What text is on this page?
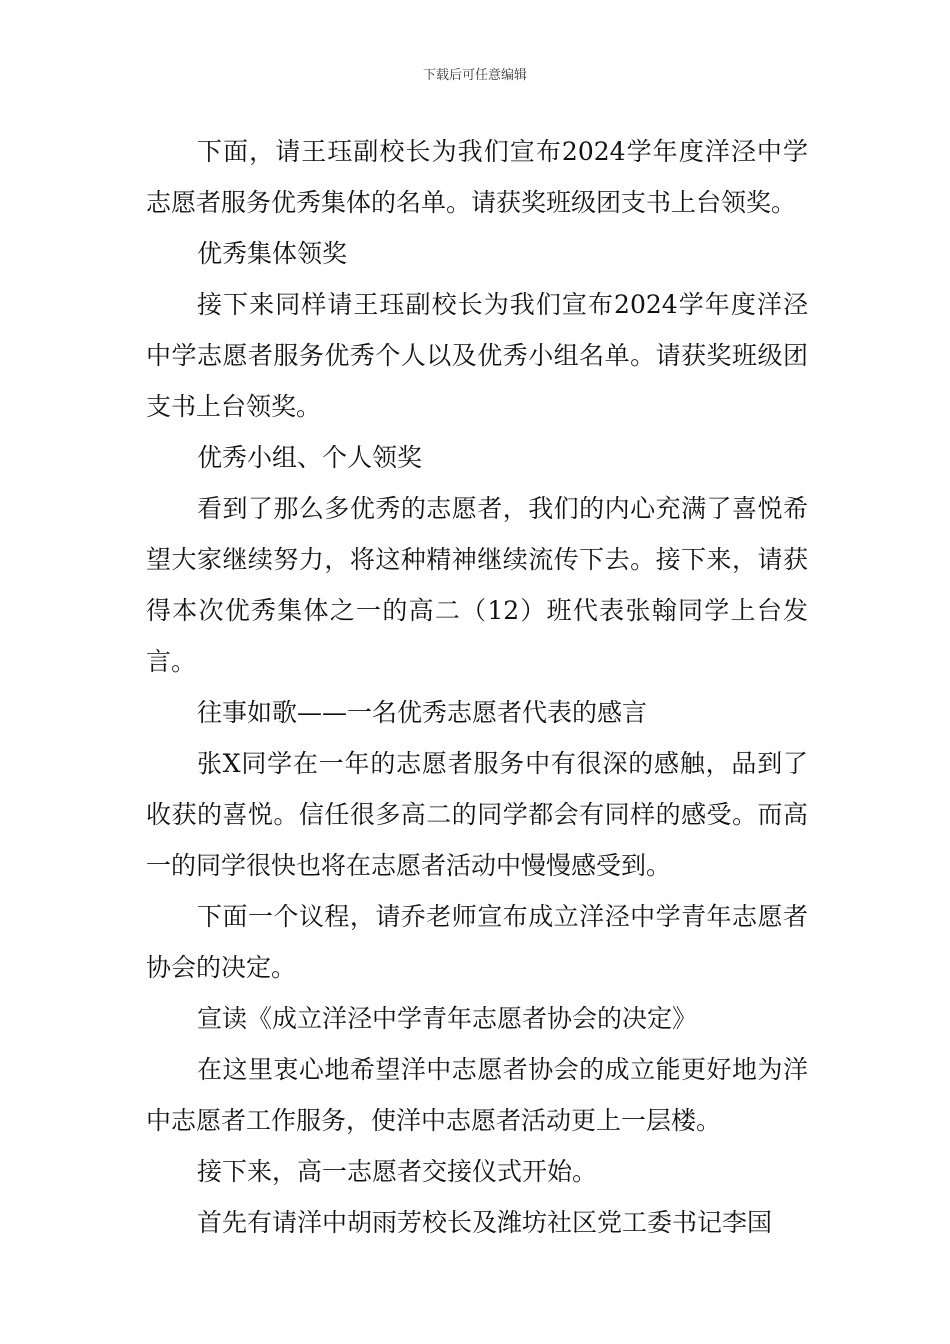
下载后可任意编辑

下面，请王珏副校长为我们宣布2024学年度洋泾中学志愿者服务优秀集体的名单。请获奖班级团支书上台领奖。

优秀集体领奖

接下来同样请王珏副校长为我们宣布2024学年度洋泾中学志愿者服务优秀个人以及优秀小组名单。请获奖班级团支书上台领奖。

优秀小组、个人领奖

看到了那么多优秀的志愿者，我们的内心充满了喜悦希望大家继续努力，将这种精神继续流传下去。接下来，请获得本次优秀集体之一的高二（12）班代表张翰同学上台发言。

往事如歌——一名优秀志愿者代表的感言

张X同学在一年的志愿者服务中有很深的感触，品到了收获的喜悦。信任很多高二的同学都会有同样的感受。而高一的同学很快也将在志愿者活动中慢慢感受到。

下面一个议程，请乔老师宣布成立洋泾中学青年志愿者协会的决定。

宣读《成立洋泾中学青年志愿者协会的决定》

在这里衷心地希望洋中志愿者协会的成立能更好地为洋中志愿者工作服务，使洋中志愿者活动更上一层楼。

接下来，高一志愿者交接仪式开始。

首先有请洋中胡雨芳校长及潍坊社区党工委书记李国
